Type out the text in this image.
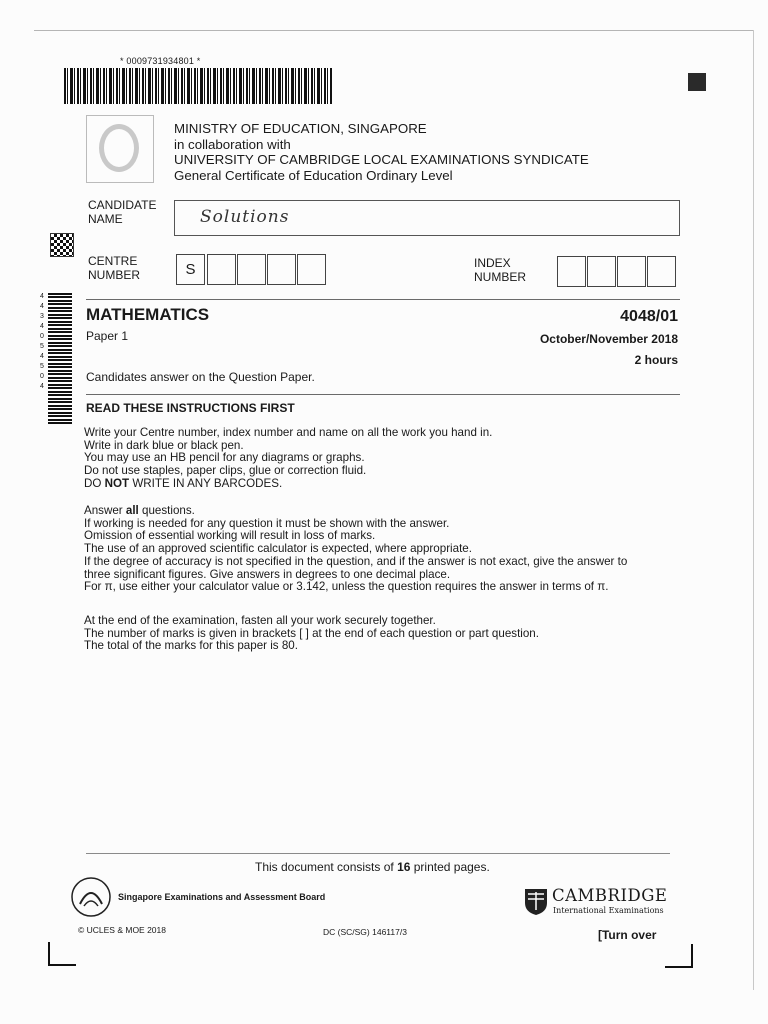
* 0009731934801 *
MINISTRY OF EDUCATION, SINGAPORE
in collaboration with
UNIVERSITY OF CAMBRIDGE LOCAL EXAMINATIONS SYNDICATE
General Certificate of Education Ordinary Level
4434054504
CANDIDATE
NAME	Solutions
CENTRE
NUMBER	S	INDEX
NUMBER
MATHEMATICS	4048/01
Paper 1	October/November 2018
2 hours
Candidates answer on the Question Paper.
READ THESE INSTRUCTIONS FIRST
Write your Centre number, index number and name on all the work you hand in.
Write in dark blue or black pen.
You may use an HB pencil for any diagrams or graphs.
Do not use staples, paper clips, glue or correction fluid.
DO NOT WRITE IN ANY BARCODES.
Answer all questions.
If working is needed for any question it must be shown with the answer.
Omission of essential working will result in loss of marks.
The use of an approved scientific calculator is expected, where appropriate.
If the degree of accuracy is not specified in the question, and if the answer is not exact, give the answer to
three significant figures. Give answers in degrees to one decimal place.
For π, use either your calculator value or 3.142, unless the question requires the answer in terms of π.
At the end of the examination, fasten all your work securely together.
The number of marks is given in brackets [ ] at the end of each question or part question.
The total of the marks for this paper is 80.
This document consists of 16 printed pages.
Singapore Examinations and Assessment Board	CAMBRIDGE
International Examinations
© UCLES & MOE 2018	DC (SC/SG) 146117/3	[Turn over
